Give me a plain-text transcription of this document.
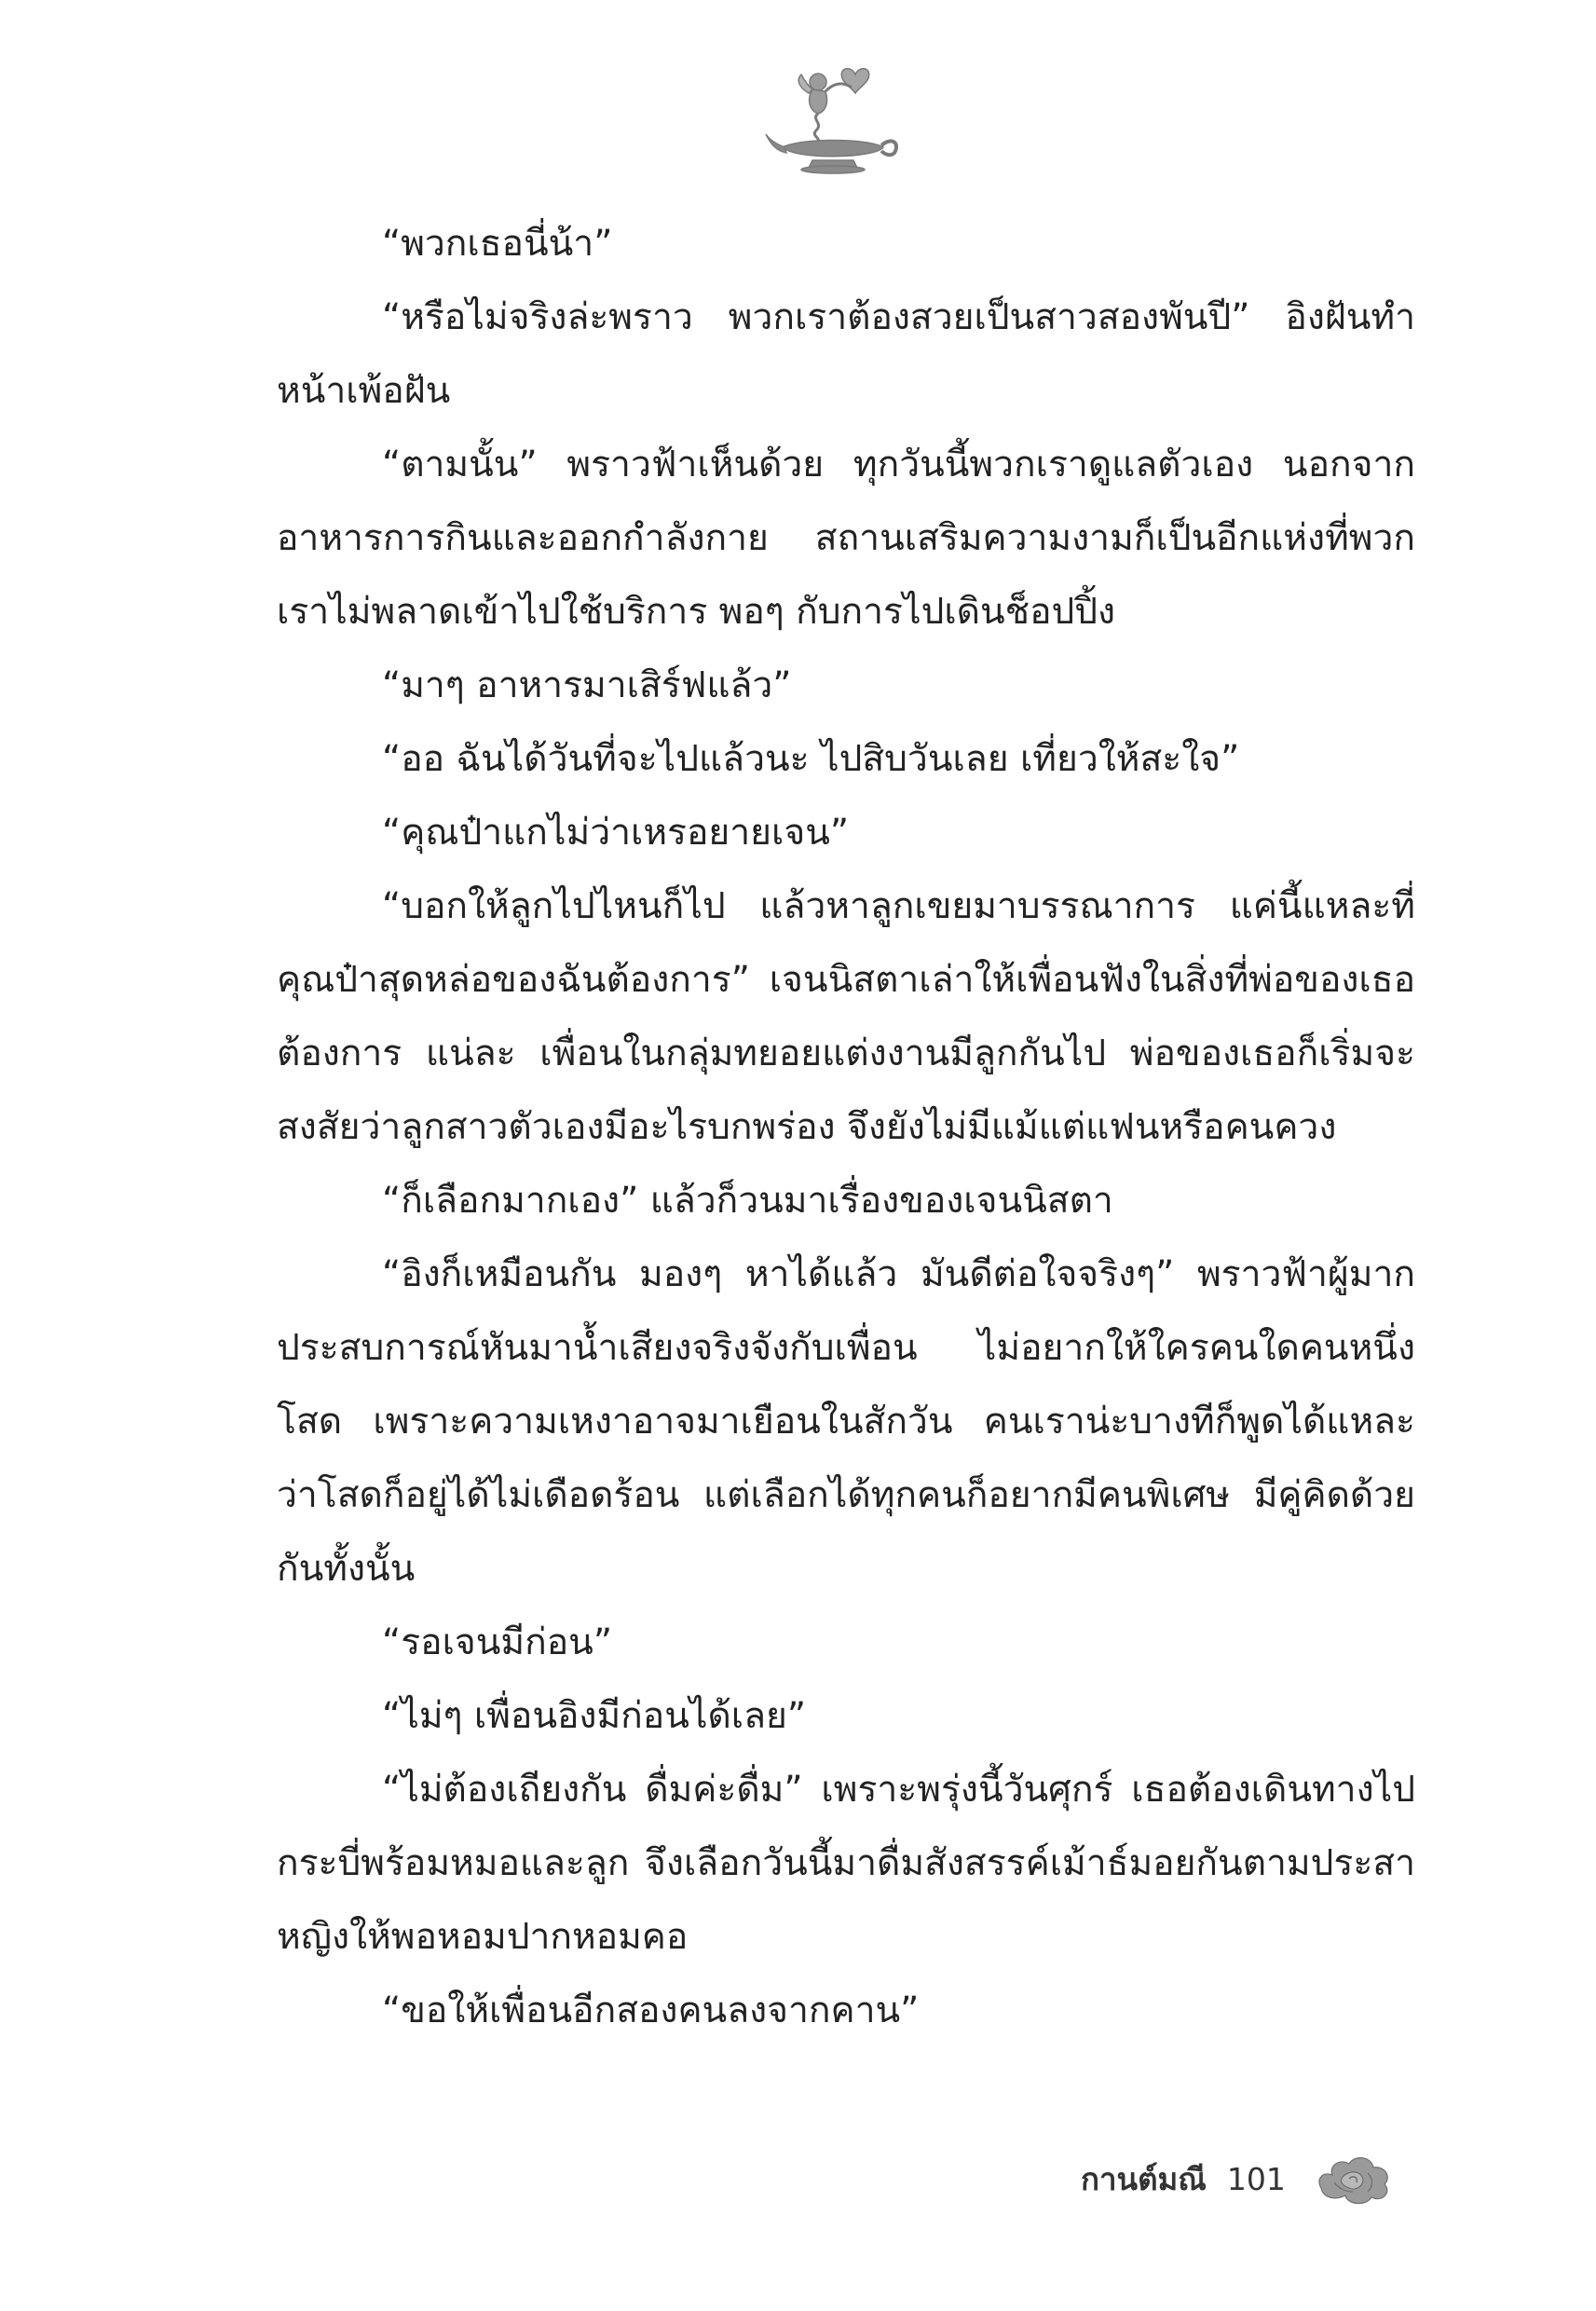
“พวกเธอนี่น้า”

“หรือไม่จริงล่ะพราว พวกเราต้องสวยเป็นสาวสองพันปี” อิงฝันทำหน้าเพ้อฝัน

“ตามนั้น” พราวฟ้าเห็นด้วย ทุกวันนี้พวกเราดูแลตัวเอง นอกจากอาหารการกินและออกกำลังกาย สถานเสริมความงามก็เป็นอีกแห่งที่พวกเราไม่พลาดเข้าไปใช้บริการ พอๆ กับการไปเดินช็อปปิ้ง

“มาๆ อาหารมาเสิร์ฟแล้ว”

“ออ ฉันได้วันที่จะไปแล้วนะ ไปสิบวันเลย เที่ยวให้สะใจ”

“คุณป๋าแกไม่ว่าเหรอยายเจน”

“บอกให้ลูกไปไหนก็ไป แล้วหาลูกเขยมาบรรณาการ แค่นี้แหละที่คุณป๋าสุดหล่อของฉันต้องการ” เจนนิสตาเล่าให้เพื่อนฟังในสิ่งที่พ่อของเธอต้องการ แน่ละ เพื่อนในกลุ่มทยอยแต่งงานมีลูกกันไป พ่อของเธอก็เริ่มจะสงสัยว่าลูกสาวตัวเองมีอะไรบกพร่อง จึงยังไม่มีแม้แต่แฟนหรือคนควง

“ก็เลือกมากเอง” แล้วก็วนมาเรื่องของเจนนิสตา

“อิงก็เหมือนกัน มองๆ หาได้แล้ว มันดีต่อใจจริงๆ” พราวฟ้าผู้มากประสบการณ์หันมาน้ำเสียงจริงจังกับเพื่อน ไม่อยากให้ใครคนใดคนหนึ่งโสด เพราะความเหงาอาจมาเยือนในสักวัน คนเราน่ะบางทีก็พูดได้แหละว่าโสดก็อยู่ได้ไม่เดือดร้อน แต่เลือกได้ทุกคนก็อยากมีคนพิเศษ มีคู่คิดด้วยกันทั้งนั้น

“รอเจนมีก่อน”

“ไม่ๆ เพื่อนอิงมีก่อนได้เลย”

“ไม่ต้องเถียงกัน ดื่มค่ะดื่ม” เพราะพรุ่งนี้วันศุกร์ เธอต้องเดินทางไปกระบี่พร้อมหมอและลูก จึงเลือกวันนี้มาดื่มสังสรรค์เม้าธ์มอยกันตามประสาหญิงให้พอหอมปากหอมคอ

“ขอให้เพื่อนอีกสองคนลงจากคาน”

กานต์มณี 101
